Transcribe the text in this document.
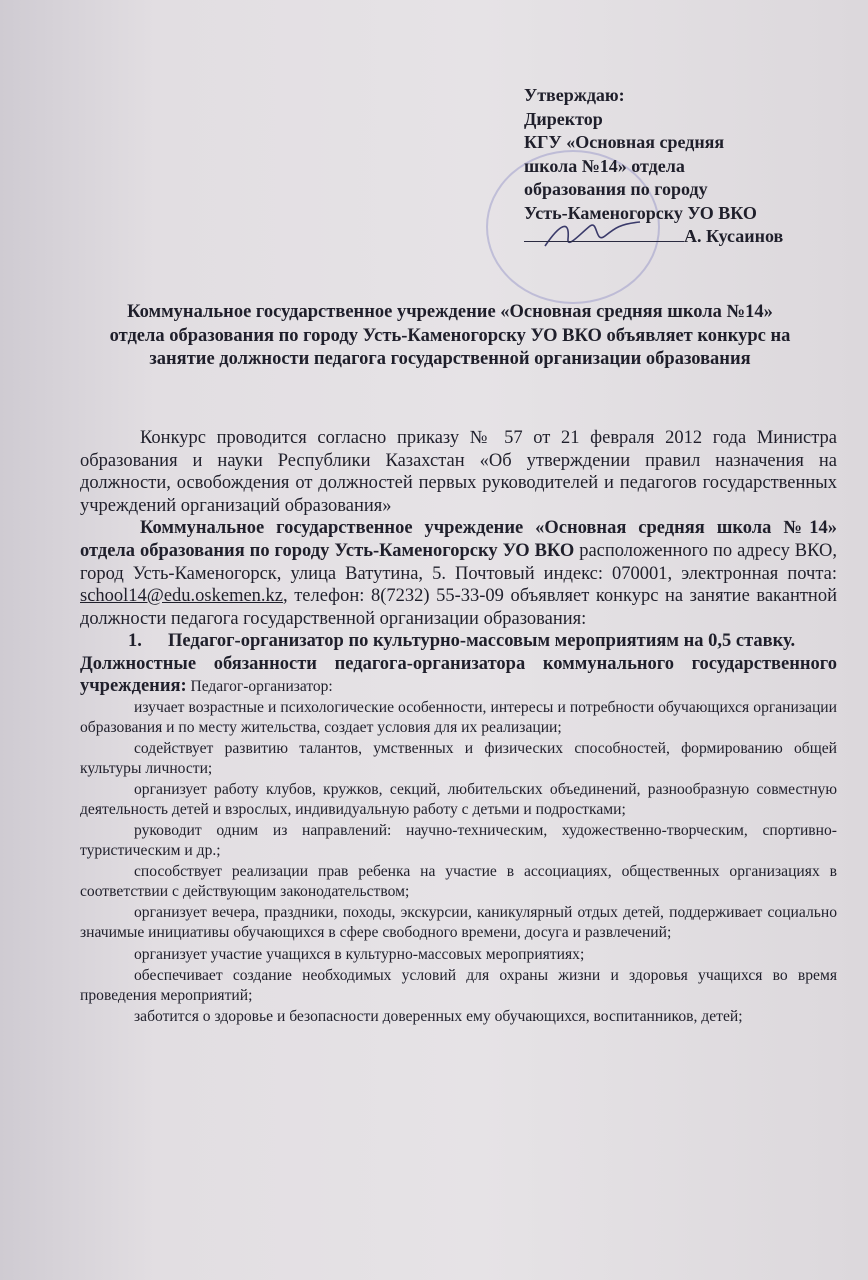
Утверждаю:
Директор
КГУ «Основная средняя
школа №14» отдела
образования по городу
Усть-Каменогорску УО ВКО
А. Кусаинов
Коммунальное государственное учреждение «Основная средняя школа №14» отдела образования по городу Усть-Каменогорску УО ВКО объявляет конкурс на занятие должности педагога государственной организации образования

Конкурс проводится согласно приказу № 57 от 21 февраля 2012 года Министра образования и науки Республики Казахстан «Об утверждении правил назначения на должности, освобождения от должностей первых руководителей и педагогов государственных учреждений организаций образования»

Коммунальное государственное учреждение «Основная средняя школа №14» отдела образования по городу Усть-Каменогорску УО ВКО расположенного по адресу ВКО, город Усть-Каменогорск, улица Ватутина, 5. Почтовый индекс: 070001, электронная почта: school14@edu.oskemen.kz, телефон: 8(7232) 55-33-09 объявляет конкурс на занятие вакантной должности педагога государственной организации образования:

1. Педагог-организатор по культурно-массовым мероприятиям на 0,5 ставку.

Должностные обязанности педагога-организатора коммунального государственного учреждения: Педагог-организатор:

изучает возрастные и психологические особенности, интересы и потребности обучающихся организации образования и по месту жительства, создает условия для их реализации;

содействует развитию талантов, умственных и физических способностей, формированию общей культуры личности;

организует работу клубов, кружков, секций, любительских объединений, разнообразную совместную деятельность детей и взрослых, индивидуальную работу с детьми и подростками;

руководит одним из направлений: научно-техническим, художественно-творческим, спортивно-туристическим и др.;

способствует реализации прав ребенка на участие в ассоциациях, общественных организациях в соответствии с действующим законодательством;

организует вечера, праздники, походы, экскурсии, каникулярный отдых детей, поддерживает социально значимые инициативы обучающихся в сфере свободного времени, досуга и развлечений;

организует участие учащихся в культурно-массовых мероприятиях;

обеспечивает создание необходимых условий для охраны жизни и здоровья учащихся во время проведения мероприятий;

заботится о здоровье и безопасности доверенных ему обучающихся, воспитанников, детей;
